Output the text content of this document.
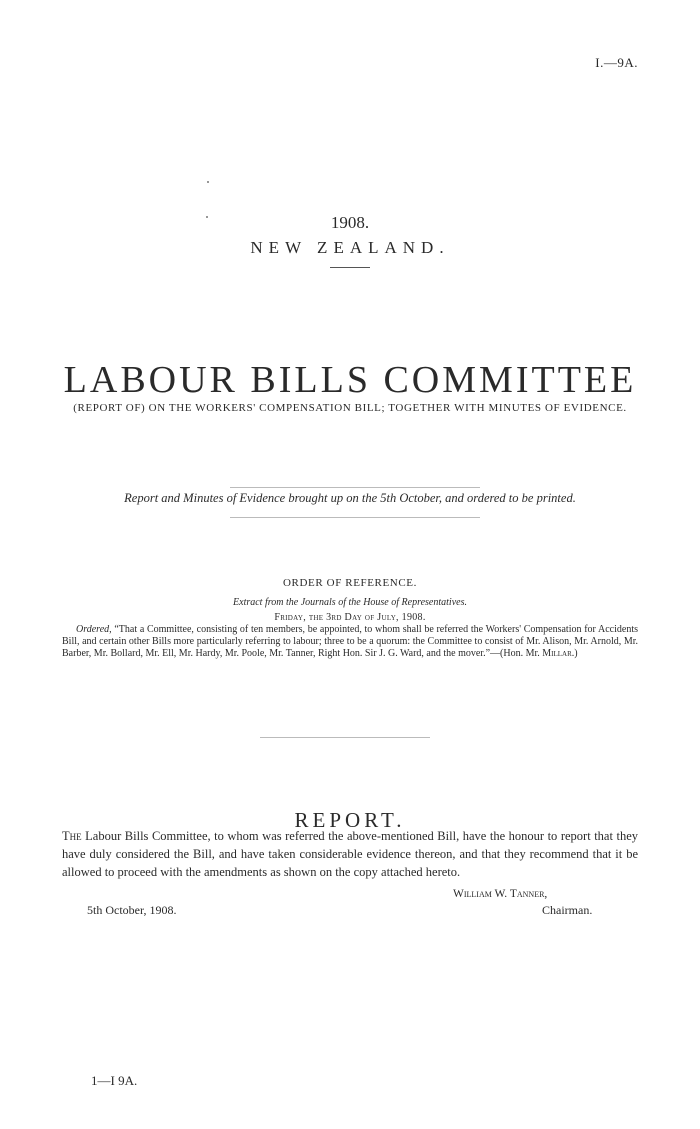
I.—9A.
1908.
NEW ZEALAND.
LABOUR BILLS COMMITTEE
(REPORT OF) ON THE WORKERS' COMPENSATION BILL; TOGETHER WITH MINUTES OF EVIDENCE.
Report and Minutes of Evidence brought up on the 5th October, and ordered to be printed.
ORDER OF REFERENCE.
Extract from the Journals of the House of Representatives.
Friday, the 3rd Day of July, 1908.

Ordered, “That a Committee, consisting of ten members, be appointed, to whom shall be referred the Workers' Compensation for Accidents Bill, and certain other Bills more particularly referring to labour; three to be a quorum: the Committee to consist of Mr. Alison, Mr. Arnold, Mr. Barber, Mr. Bollard, Mr. Ell, Mr. Hardy, Mr. Poole, Mr. Tanner, Right Hon. Sir J. G. Ward, and the mover.”—(Hon. Mr. Millar.)

REPORT.

The Labour Bills Committee, to whom was referred the above-mentioned Bill, have the honour to report that they have duly considered the Bill, and have taken considerable evidence thereon, and that they recommend that it be allowed to proceed with the amendments as shown on the copy attached hereto.

William W. Tanner,
5th October, 1908.	Chairman.
1—I 9A.
